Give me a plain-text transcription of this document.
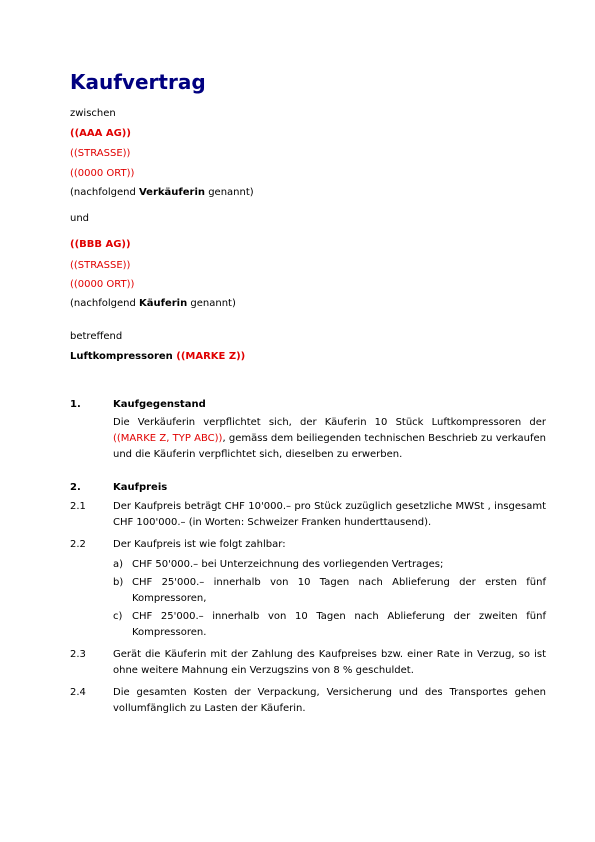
Kaufvertrag
zwischen
((AAA AG))
((STRASSE))
((0000 ORT))
(nachfolgend Verkäuferin genannt)
und
((BBB AG))
((STRASSE))
((0000 ORT))
(nachfolgend Käuferin genannt)
betreffend
Luftkompressoren ((MARKE Z))
1.	Kaufgegenstand
Die Verkäuferin verpflichtet sich, der Käuferin 10 Stück Luftkompressoren der ((MARKE Z, TYP ABC)), gemäss dem beiliegenden technischen Beschrieb zu verkaufen und die Käuferin verpflichtet sich, dieselben zu erwerben.
2.	Kaufpreis
2.1	Der Kaufpreis beträgt CHF 10'000.– pro Stück zuzüglich gesetzliche MWSt , insgesamt CHF 100'000.– (in Worten: Schweizer Franken hunderttausend).
2.2	Der Kaufpreis ist wie folgt zahlbar:
a) CHF 50'000.– bei Unterzeichnung des vorliegenden Vertrages;
b) CHF 25'000.– innerhalb von 10 Tagen nach Ablieferung der ersten fünf Kompressoren,
c) CHF 25'000.– innerhalb von 10 Tagen nach Ablieferung der zweiten fünf Kompressoren.
2.3	Gerät die Käuferin mit der Zahlung des Kaufpreises bzw. einer Rate in Verzug, so ist ohne weitere Mahnung ein Verzugszins von 8 % geschuldet.
2.4	Die gesamten Kosten der Verpackung, Versicherung und des Transportes gehen vollumfänglich zu Lasten der Käuferin.
